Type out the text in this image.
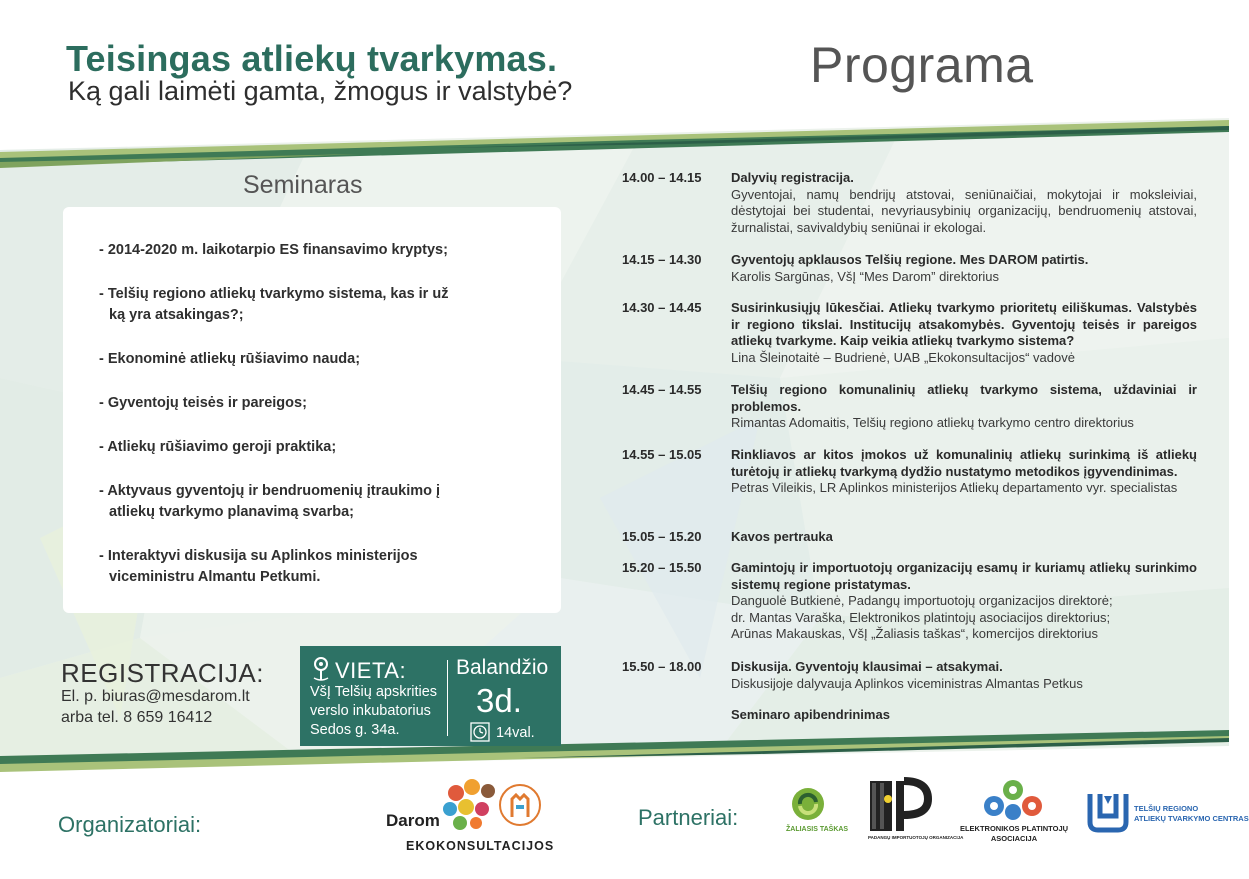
Teisingas atliekų tvarkymas.
Ką gali laimėti gamta, žmogus ir valstybė?	Programa
Seminaras
- 2014-2020 m. laikotarpio ES finansavimo kryptys;
- Telšių regiono atliekų tvarkymo sistema, kas ir už

ką yra atsakingas?;
- Ekonominė atliekų rūšiavimo nauda;
- Gyventojų teisės ir pareigos;
- Atliekų rūšiavimo geroji praktika;
- Aktyvaus gyventojų ir bendruomenių įtraukimo į

atliekų tvarkymo planavimą svarba;
- Interaktyvi diskusija su Aplinkos ministerijos

viceministru Almantu Petkumi.
REGISTRACIJA:
El. p. biuras@mesdarom.lt
arba tel. 8 659 16412
VIETA:
VšĮ Telšių apskrities
verslo inkubatorius
Sedos g. 34a.
Balandžio
3d.
14val.
14.00 – 14.15 Dalyvių registracija.
Gyventojai, namų bendrijų atstovai, seniūnaičiai, mokytojai ir moksleiviai, dėstytojai bei studentai, nevyriausybinių organizacijų, bendruomenių atstovai, žurnalistai, savivaldybių seniūnai ir ekologai.
14.15 – 14.30 Gyventojų apklausos Telšių regione. Mes DAROM patirtis.
Karolis Sargūnas, VšĮ “Mes Darom” direktorius
14.30 – 14.45 Susirinkusiųjų lūkesčiai. Atliekų tvarkymo prioritetų eiliškumas. Valstybės ir regiono tikslai. Institucijų atsakomybės. Gyventojų teisės ir pareigos atliekų tvarkyme. Kaip veikia atliekų tvarkymo sistema?
Lina Šleinotaitė – Budrienė, UAB „Ekokonsultacijos“ vadovė
14.45 – 14.55 Telšių regiono komunalinių atliekų tvarkymo sistema, uždaviniai ir problemos.
Rimantas Adomaitis, Telšių regiono atliekų tvarkymo centro direktorius
14.55 – 15.05 Rinkliavos ar kitos įmokos už komunalinių atliekų surinkimą iš atliekų turėtojų ir atliekų tvarkymą dydžio nustatymo metodikos įgyvendinimas.
Petras Vileikis, LR Aplinkos ministerijos Atliekų departamento vyr. specialistas
15.05 – 15.20 Kavos pertrauka
15.20 – 15.50 Gamintojų ir importuotojų organizacijų esamų ir kuriamų atliekų surinkimo sistemų regione pristatymas.
Danguolė Butkienė, Padangų importuotojų organizacijos direktorė;
dr. Mantas Varaška, Elektronikos platintojų asociacijos direktorius;
Arūnas Makauskas, VšĮ „Žaliasis taškas“, komercijos direktorius
15.50 – 18.00 Diskusija. Gyventojų klausimai – atsakymai.
Diskusijoje dalyvauja Aplinkos viceministras Almantas Petkus
Seminaro apibendrinimas
Organizatoriai:	Partneriai:
Darom
EKOKONSULTACIJOS
ŽALIASIS TAŠKAS
PADANGŲ IMPORTUOTOJŲ ORGANIZACIJA
ELEKTRONIKOS PLATINTOJŲ
ASOCIACIJA
TELŠIŲ REGIONO
ATLIEKŲ TVARKYMO CENTRAS
